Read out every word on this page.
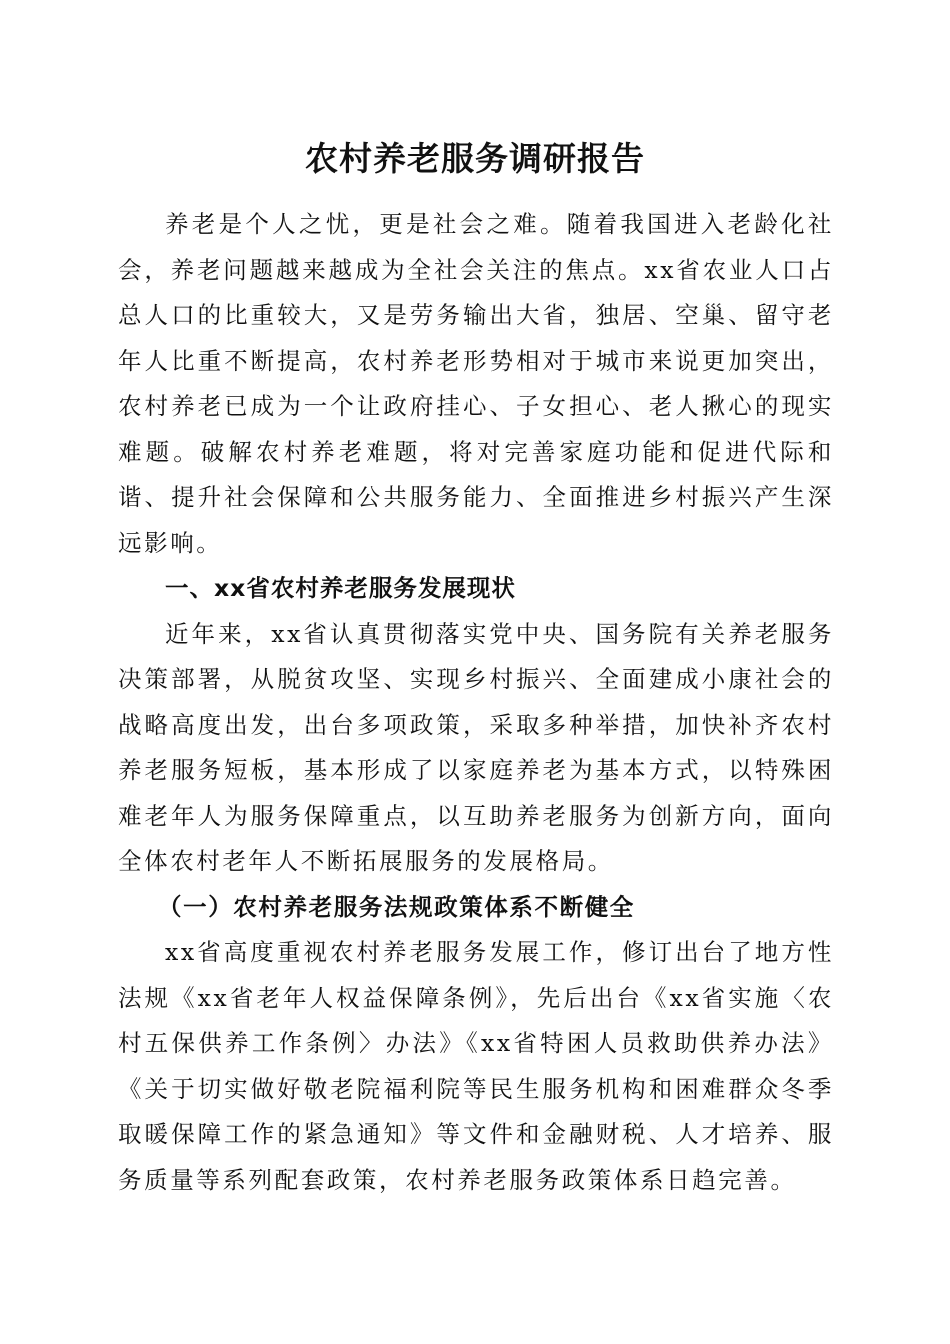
农村养老服务调研报告

养老是个人之忧，更是社会之难。随着我国进入老龄化社会，养老问题越来越成为全社会关注的焦点。xx省农业人口占总人口的比重较大，又是劳务输出大省，独居、空巢、留守老年人比重不断提高，农村养老形势相对于城市来说更加突出，农村养老已成为一个让政府挂心、子女担心、老人揪心的现实难题。破解农村养老难题，将对完善家庭功能和促进代际和谐、提升社会保障和公共服务能力、全面推进乡村振兴产生深远影响。

一、xx省农村养老服务发展现状

近年来，xx省认真贯彻落实党中央、国务院有关养老服务决策部署，从脱贫攻坚、实现乡村振兴、全面建成小康社会的战略高度出发，出台多项政策，采取多种举措，加快补齐农村养老服务短板，基本形成了以家庭养老为基本方式，以特殊困难老年人为服务保障重点，以互助养老服务为创新方向，面向全体农村老年人不断拓展服务的发展格局。

（一）农村养老服务法规政策体系不断健全

xx省高度重视农村养老服务发展工作，修订出台了地方性法规《xx省老年人权益保障条例》，先后出台《xx省实施〈农村五保供养工作条例〉办法》《xx省特困人员救助供养办法》《关于切实做好敬老院福利院等民生服务机构和困难群众冬季取暖保障工作的紧急通知》等文件和金融财税、人才培养、服务质量等系列配套政策，农村养老服务政策体系日趋完善。
